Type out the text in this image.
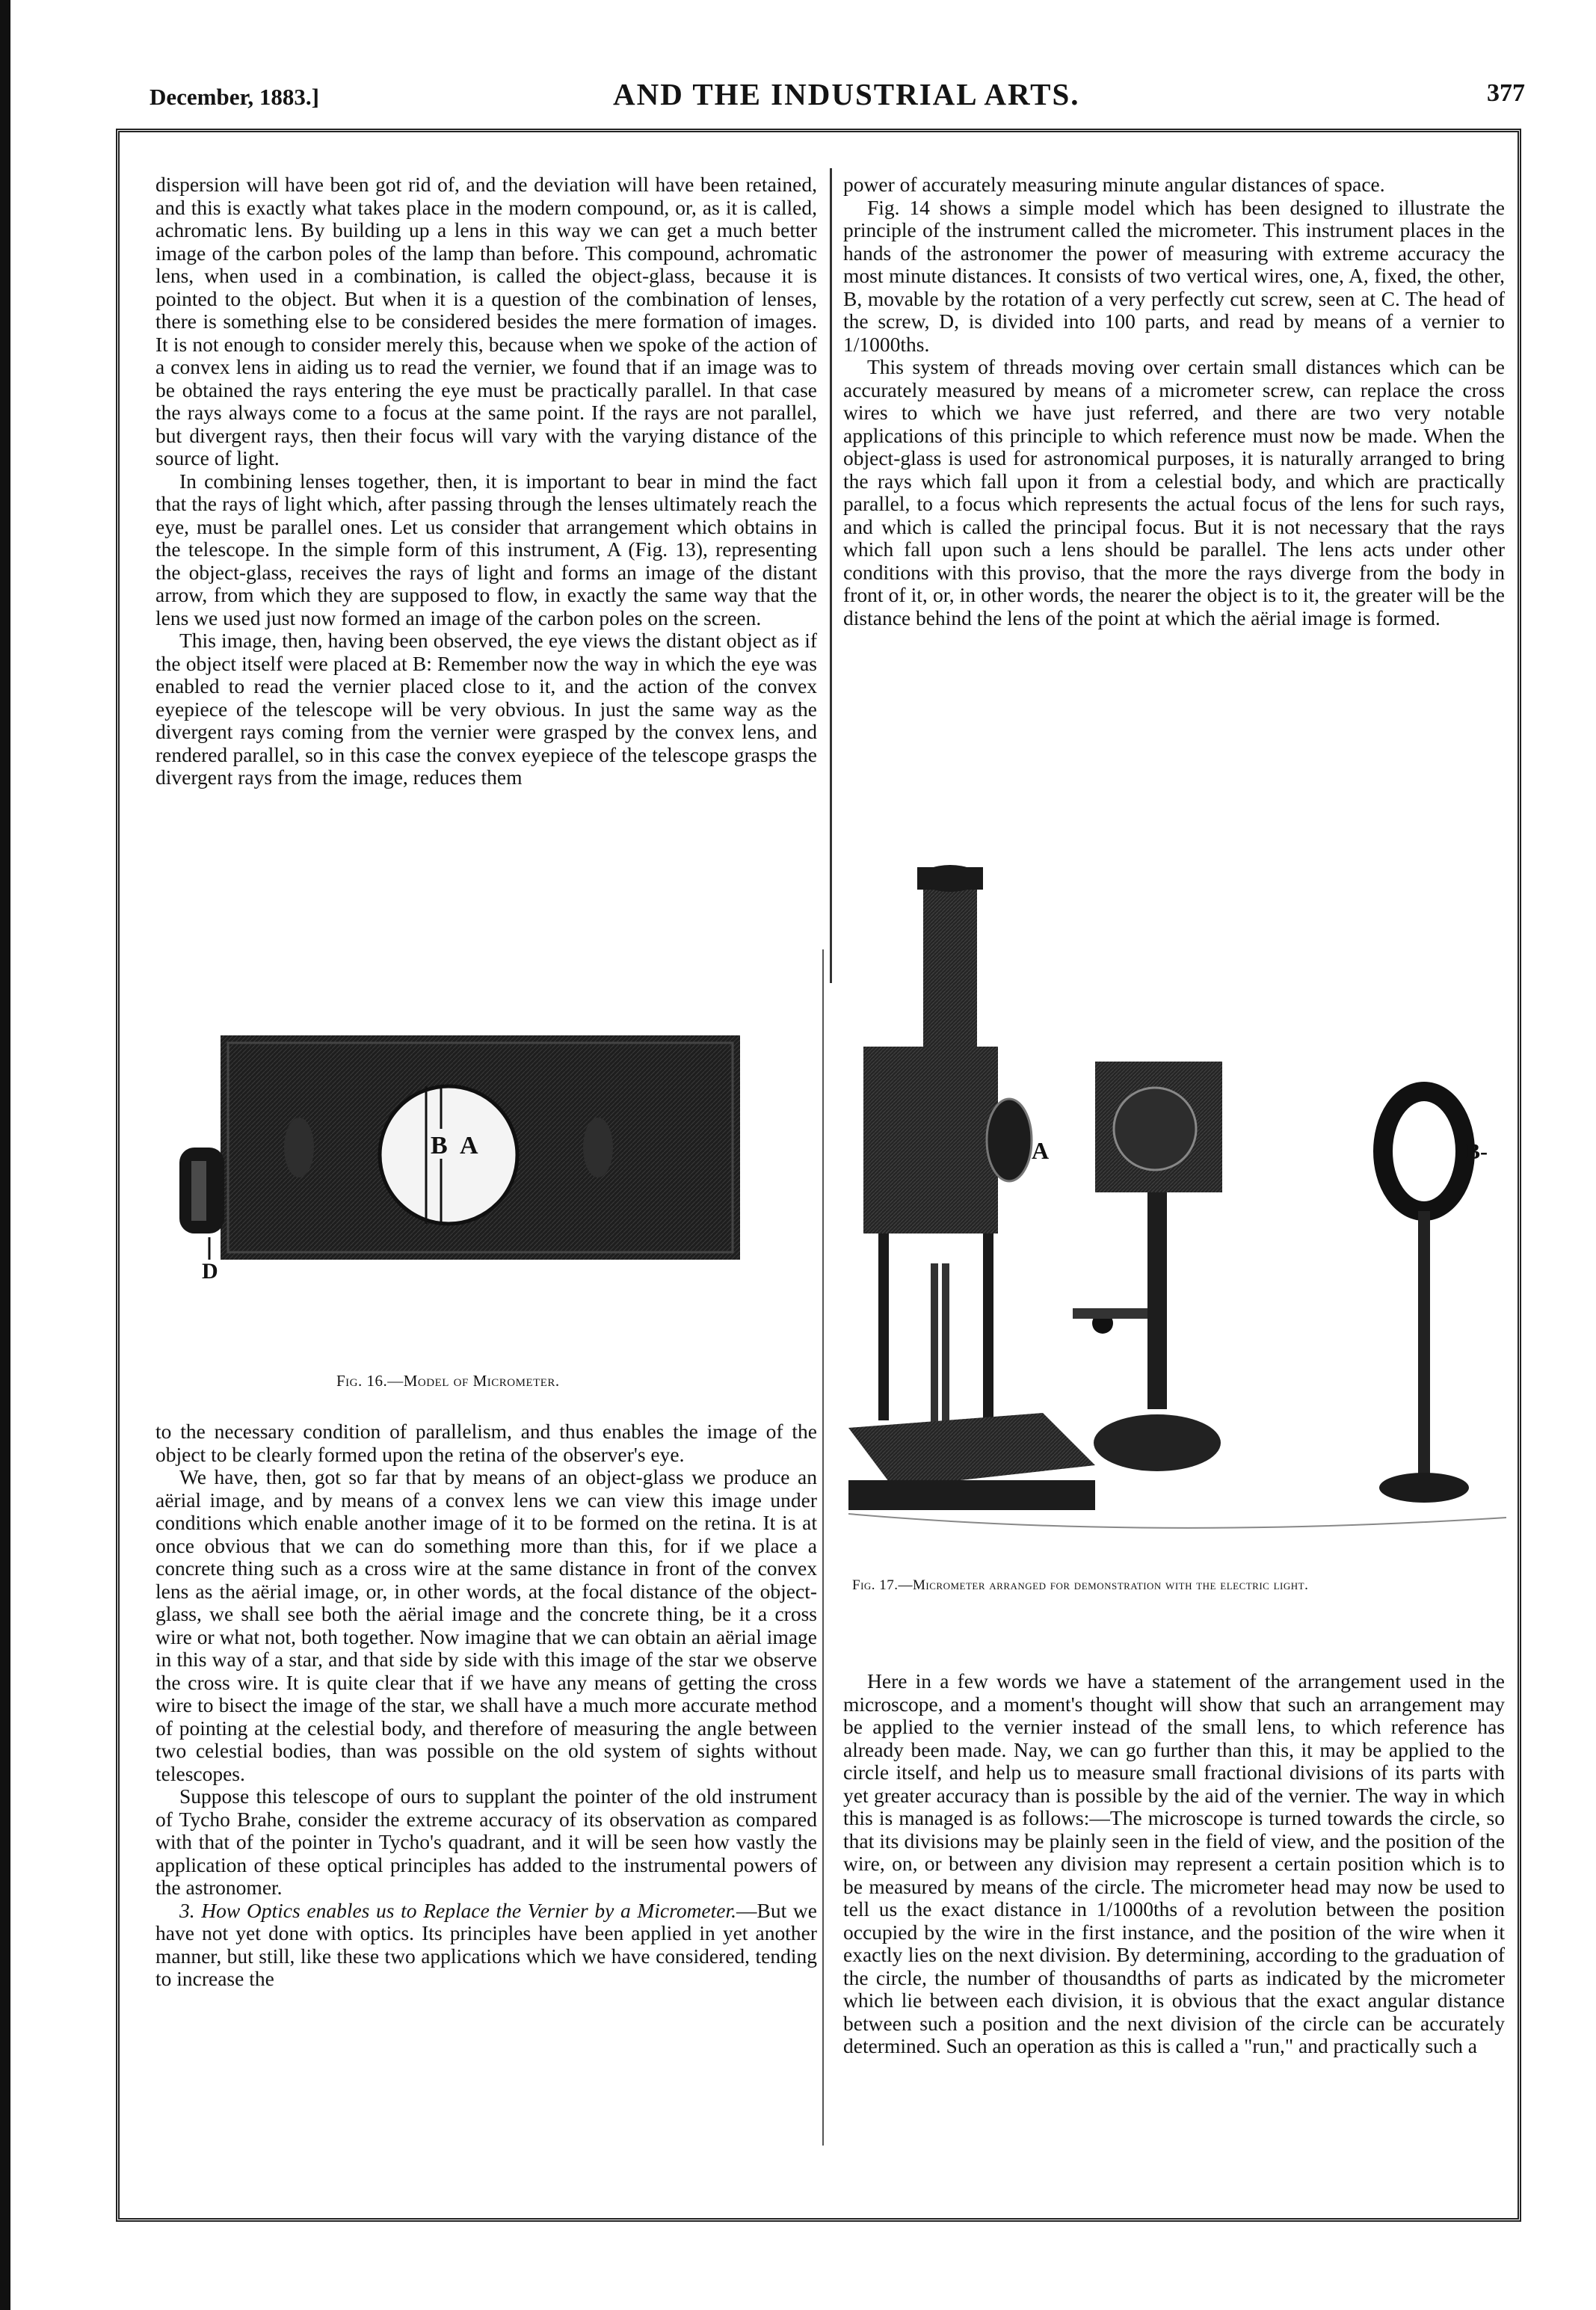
December, 1883.]	AND THE INDUSTRIAL ARTS.	377

dispersion will have been got rid of, and the deviation will have been retained, and this is exactly what takes place in the modern compound, or, as it is called, achromatic lens. By building up a lens in this way we can get a much better image of the carbon poles of the lamp than before. This compound, achromatic lens, when used in a combination, is called the object-glass, because it is pointed to the object. But when it is a question of the combination of lenses, there is something else to be considered besides the mere formation of images. It is not enough to consider merely this, because when we spoke of the action of a convex lens in aiding us to read the vernier, we found that if an image was to be obtained the rays entering the eye must be practically parallel. In that case the rays always come to a focus at the same point. If the rays are not parallel, but divergent rays, then their focus will vary with the varying distance of the source of light.

In combining lenses together, then, it is important to bear in mind the fact that the rays of light which, after passing through the lenses ultimately reach the eye, must be parallel ones. Let us consider that arrangement which obtains in the telescope. In the simple form of this instrument, A (Fig. 13), representing the object-glass, receives the rays of light and forms an image of the distant arrow, from which they are supposed to flow, in exactly the same way that the lens we used just now formed an image of the carbon poles on the screen.

This image, then, having been observed, the eye views the distant object as if the object itself were placed at B: Remember now the way in which the eye was enabled to read the vernier placed close to it, and the action of the convex eyepiece of the telescope will be very obvious. In just the same way as the divergent rays coming from the vernier were grasped by the convex lens, and rendered parallel, so in this case the convex eyepiece of the telescope grasps the divergent rays from the image, reduces them

power of accurately measuring minute angular distances of space.

Fig. 14 shows a simple model which has been designed to illustrate the principle of the instrument called the micrometer. This instrument places in the hands of the astronomer the power of measuring with extreme accuracy the most minute distances. It consists of two vertical wires, one, A, fixed, the other, B, movable by the rotation of a very perfectly cut screw, seen at C. The head of the screw, D, is divided into 100 parts, and read by means of a vernier to 1/1000ths.

This system of threads moving over certain small distances which can be accurately measured by means of a micrometer screw, can replace the cross wires to which we have just referred, and there are two very notable applications of this principle to which reference must now be made. When the object-glass is used for astronomical purposes, it is naturally arranged to bring the rays which fall upon it from a celestial body, and which are practically parallel, to a focus which represents the actual focus of the lens for such rays, and which is called the principal focus. But it is not necessary that the rays which fall upon such a lens should be parallel. The lens acts under other conditions with this proviso, that the more the rays diverge from the body in front of it, or, in other words, the nearer the object is to it, the greater will be the distance behind the lens of the point at which the aërial image is formed.

B A
D
Fig. 16.—Model of Micrometer.

to the necessary condition of parallelism, and thus enables the image of the object to be clearly formed upon the retina of the observer's eye.

We have, then, got so far that by means of an object-glass we produce an aërial image, and by means of a convex lens we can view this image under conditions which enable another image of it to be formed on the retina. It is at once obvious that we can do something more than this, for if we place a concrete thing such as a cross wire at the same distance in front of the convex lens as the aërial image, or, in other words, at the focal distance of the object-glass, we shall see both the aërial image and the concrete thing, be it a cross wire or what not, both together. Now imagine that we can obtain an aërial image in this way of a star, and that side by side with this image of the star we observe the cross wire. It is quite clear that if we have any means of getting the cross wire to bisect the image of the star, we shall have a much more accurate method of pointing at the celestial body, and therefore of measuring the angle between two celestial bodies, than was possible on the old system of sights without telescopes.

Suppose this telescope of ours to supplant the pointer of the old instrument of Tycho Brahe, consider the extreme accuracy of its observation as compared with that of the pointer in Tycho's quadrant, and it will be seen how vastly the application of these optical principles has added to the instrumental powers of the astronomer.

3. How Optics enables us to Replace the Vernier by a Micrometer.—But we have not yet done with optics. Its principles have been applied in yet another manner, but still, like these two applications which we have considered, tending to increase the

A	B-
Fig. 17.—Micrometer arranged for demonstration with the electric light.

Here in a few words we have a statement of the arrangement used in the microscope, and a moment's thought will show that such an arrangement may be applied to the vernier instead of the small lens, to which reference has already been made. Nay, we can go further than this, it may be applied to the circle itself, and help us to measure small fractional divisions of its parts with yet greater accuracy than is possible by the aid of the vernier. The way in which this is managed is as follows:—The microscope is turned towards the circle, so that its divisions may be plainly seen in the field of view, and the position of the wire, on, or between any division may represent a certain position which is to be measured by means of the circle. The micrometer head may now be used to tell us the exact distance in 1/1000ths of a revolution between the position occupied by the wire in the first instance, and the position of the wire when it exactly lies on the next division. By determining, according to the graduation of the circle, the number of thousandths of parts as indicated by the micrometer which lie between each division, it is obvious that the exact angular distance between such a position and the next division of the circle can be accurately determined. Such an operation as this is called a "run," and practically such a
